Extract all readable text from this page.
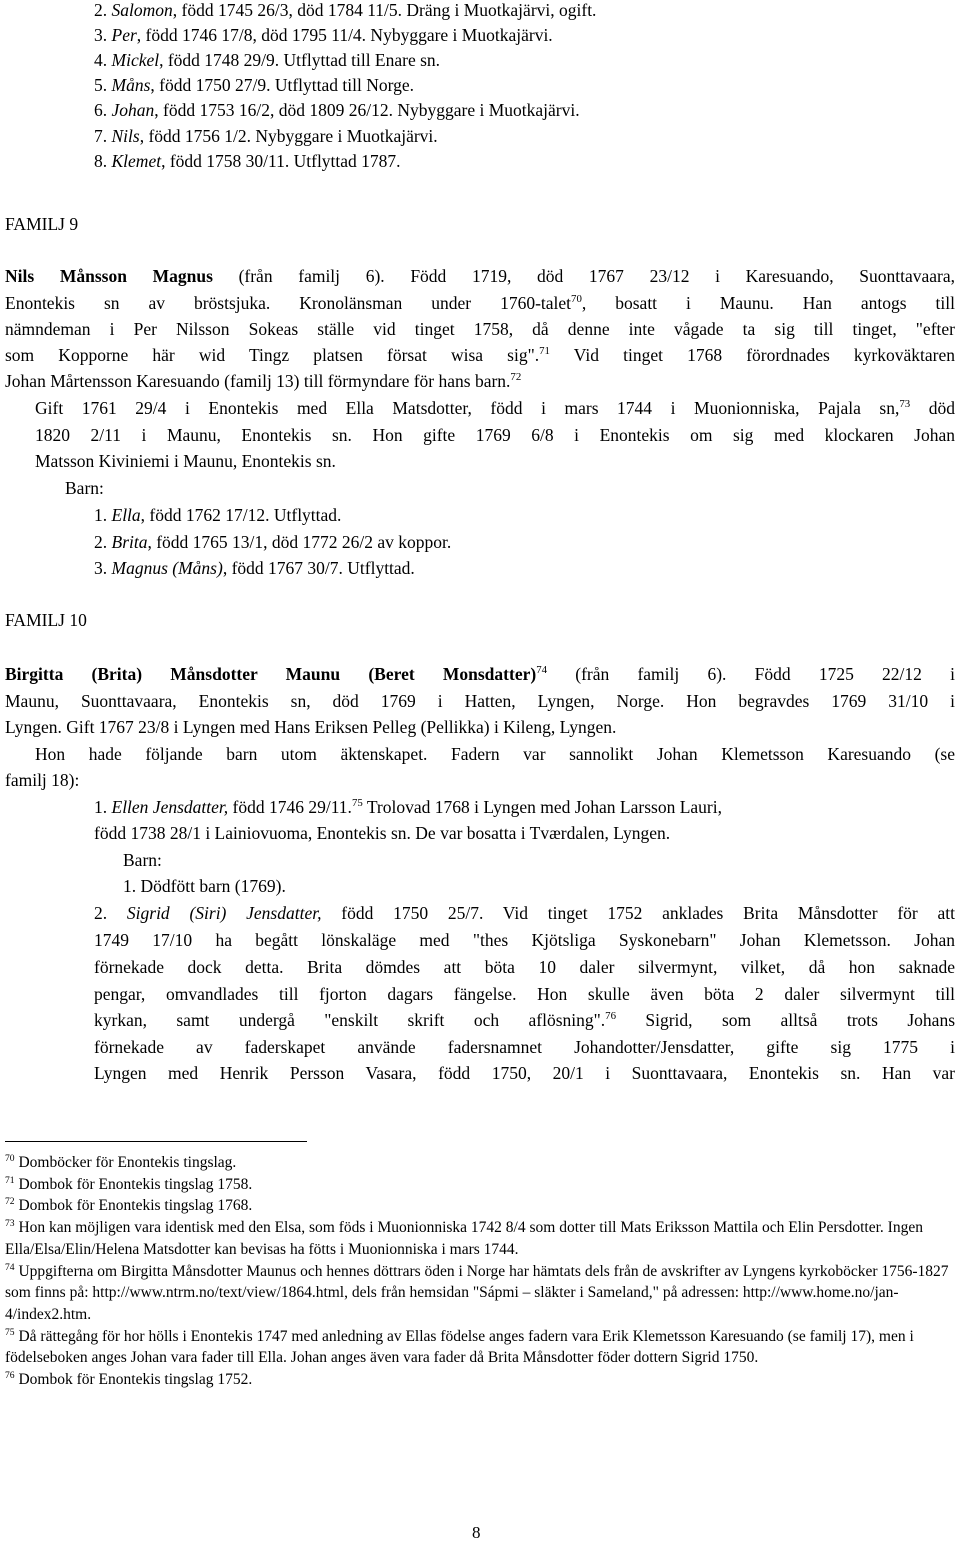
2. Salomon, född 1745 26/3, död 1784 11/5. Dräng i Muotkajärvi, ogift.
3. Per, född 1746 17/8, död 1795 11/4. Nybyggare i Muotkajärvi.
4. Mickel, född 1748 29/9. Utflyttad till Enare sn.
5. Måns, född 1750 27/9. Utflyttad till Norge.
6. Johan, född 1753 16/2, död 1809 26/12. Nybyggare i Muotkajärvi.
7. Nils, född 1756 1/2. Nybyggare i Muotkajärvi.
8. Klemet, född 1758 30/11. Utflyttad 1787.
FAMILJ 9
Nils Månsson Magnus (från familj 6). Född 1719, död 1767 23/12 i Karesuando, Suonttavaara,
Enontekis sn av bröstsjuka. Kronolänsman under 1760-talet$^{70}$, bosatt i Maunu. Han antogs till
nämndeman i Per Nilsson Sokeas ställe vid tinget 1758, då denne inte vågade ta sig till tinget, "efter
som Kopporne här wid Tingz platsen försat wisa sig".$^{71}$ Vid tinget 1768 förordnades kyrkoväktaren
Johan Mårtensson Karesuando (familj 13) till förmyndare för hans barn.$^{72}$
Gift 1761 29/4 i Enontekis med Ella Matsdotter, född i mars 1744 i Muonionniska, Pajala sn,$^{73}$ död
1820 2/11 i Maunu, Enontekis sn. Hon gifte 1769 6/8 i Enontekis om sig med klockaren Johan
Matsson Kiviniemi i Maunu, Enontekis sn.
Barn:
1. Ella, född 1762 17/12. Utflyttad.
2. Brita, född 1765 13/1, död 1772 26/2 av koppor.
3. Magnus (Måns), född 1767 30/7. Utflyttad.
FAMILJ 10
Birgitta (Brita) Månsdotter Maunu (Beret Monsdatter)$^{74}$ (från familj 6). Född 1725 22/12 i
Maunu, Suonttavaara, Enontekis sn, död 1769 i Hatten, Lyngen, Norge. Hon begravdes 1769 31/10 i
Lyngen. Gift 1767 23/8 i Lyngen med Hans Eriksen Pelleg (Pellikka) i Kileng, Lyngen.
Hon hade följande barn utom äktenskapet. Fadern var sannolikt Johan Klemetsson Karesuando (se
familj 18):
1. Ellen Jensdatter, född 1746 29/11.75 Trolovad 1768 i Lyngen med Johan Larsson Lauri,
född 1738 28/1 i Lainiovuoma, Enontekis sn. De var bosatta i Tværdalen, Lyngen.
Barn:
1. Dödfött barn (1769).
2. Sigrid (Siri) Jensdatter, född 1750 25/7. Vid tinget 1752 anklades Brita Månsdotter för att
1749 17/10 ha begått lönskaläge med "thes Kjötsliga Syskonebarn" Johan Klemetsson. Johan
förnekade dock detta. Brita dömdes att böta 10 daler silvermynt, vilket, då hon saknade
pengar, omvandlades till fjorton dagars fängelse. Hon skulle även böta 2 daler silvermynt till
kyrkan, samt undergå "enskilt skrift och aflösning".$^{76}$ Sigrid, som alltså trots Johans
förnekade av faderskapet använde fadersnamnet Johandotter/Jensdatter, gifte sig 1775 i
Lyngen med Henrik Persson Vasara, född 1750, 20/1 i Suonttavaara, Enontekis sn. Han var

$^{70}$ Domböcker för Enontekis tingslag.

$^{71}$ Dombok för Enontekis tingslag 1758.

$^{72}$ Dombok för Enontekis tingslag 1768.

$^{73}$ Hon kan möjligen vara identisk med den Elsa, som föds i Muonionniska 1742 8/4 som dotter till Mats Eriksson Mattila och Elin Persdotter. Ingen Ella/Elsa/Elin/Helena Matsdotter kan bevisas ha fötts i Muonionniska i mars 1744.

$^{74}$ Uppgifterna om Birgitta Månsdotter Maunus och hennes döttrars öden i Norge har hämtats dels från de avskrifter av Lyngens kyrkoböcker 1756-1827 som finns på: http://www.ntrm.no/text/view/1864.html, dels från hemsidan "Sápmi – släkter i Sameland," på adressen: http://www.home.no/jan-4/index2.htm.

$^{75}$ Då rättegång för hor hölls i Enontekis 1747 med anledning av Ellas födelse anges fadern vara Erik Klemetsson Karesuando (se familj 17), men i födelseboken anges Johan vara fader till Ella. Johan anges även vara fader då Brita Månsdotter föder dottern Sigrid 1750.

$^{76}$ Dombok för Enontekis tingslag 1752.

8
